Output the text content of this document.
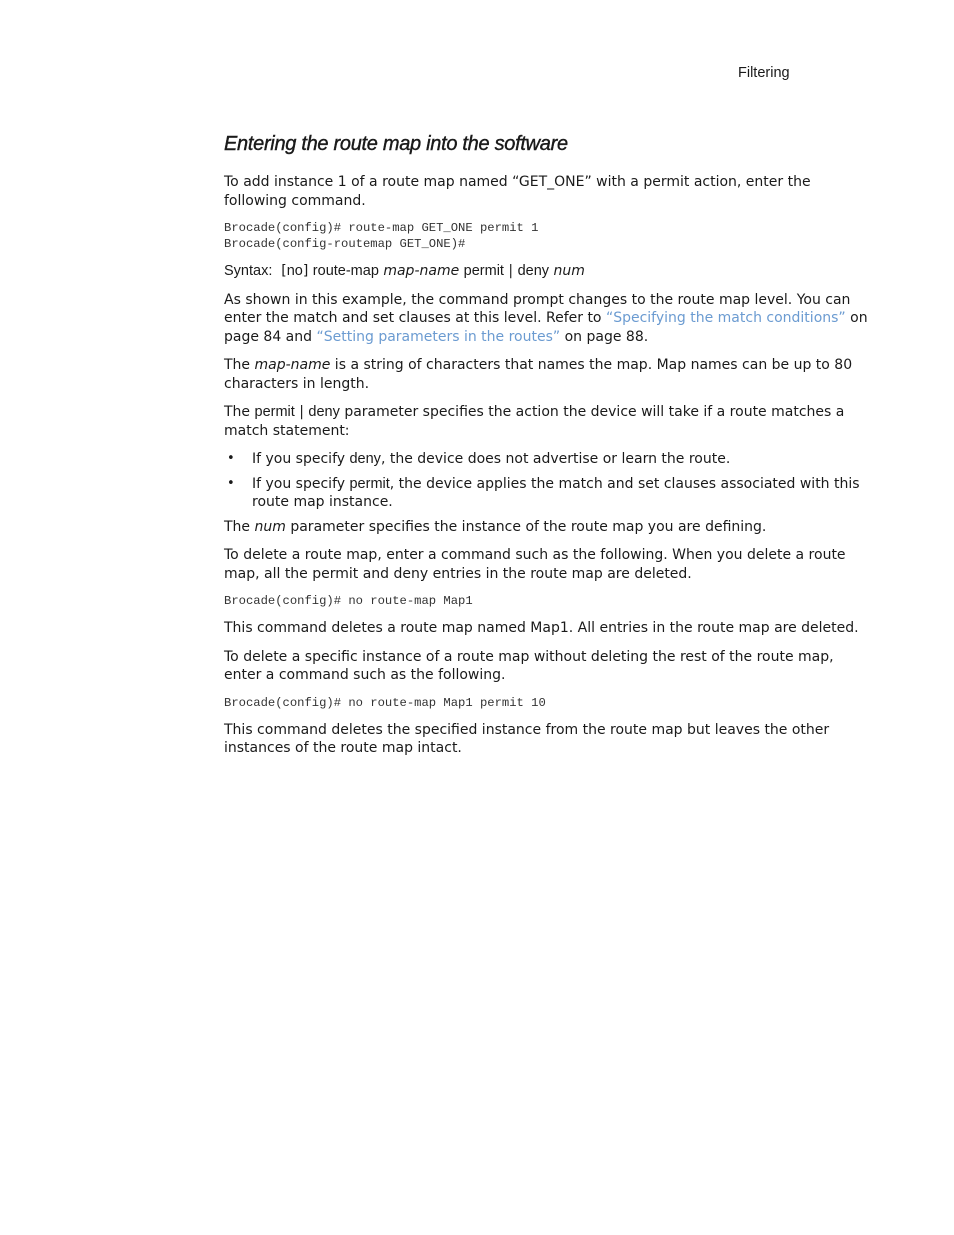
Filtering
Entering the route map into the software

To add instance 1 of a route map named “GET_ONE” with a permit action, enter the following command.

Brocade(config)# route-map GET_ONE permit 1
Brocade(config-routemap GET_ONE)#
Syntax: [no] route-map map-name permit | deny num

As shown in this example, the command prompt changes to the route map level. You can enter the match and set clauses at this level. Refer to “Specifying the match conditions” on page 84 and “Setting parameters in the routes” on page 88.

The map-name is a string of characters that names the map. Map names can be up to 80 characters in length.

The permit | deny parameter specifies the action the device will take if a route matches a match statement:

• If you specify deny, the device does not advertise or learn the route.
• If you specify permit, the device applies the match and set clauses associated with this route map instance.

The num parameter specifies the instance of the route map you are defining.

To delete a route map, enter a command such as the following. When you delete a route map, all the permit and deny entries in the route map are deleted.

Brocade(config)# no route-map Map1

This command deletes a route map named Map1. All entries in the route map are deleted.

To delete a specific instance of a route map without deleting the rest of the route map, enter a command such as the following.

Brocade(config)# no route-map Map1 permit 10

This command deletes the specified instance from the route map but leaves the other instances of the route map intact.
